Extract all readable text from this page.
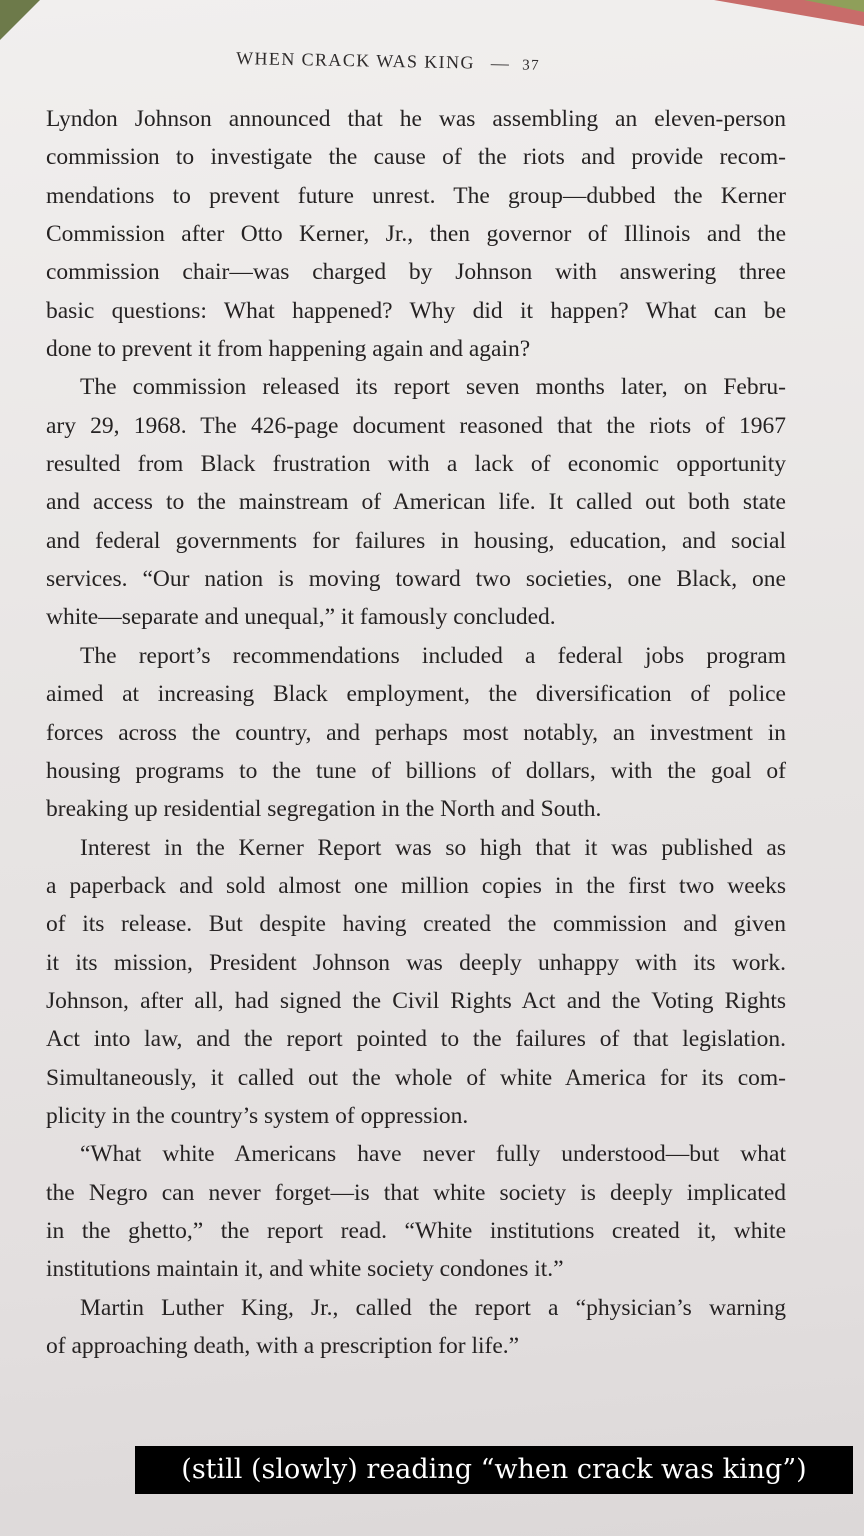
WHEN CRACK WAS KING — 37
Lyndon Johnson announced that he was assembling an eleven-person
commission to investigate the cause of the riots and provide recom-
mendations to prevent future unrest. The group—dubbed the Kerner
Commission after Otto Kerner, Jr., then governor of Illinois and the
commission chair—was charged by Johnson with answering three
basic questions: What happened? Why did it happen? What can be
done to prevent it from happening again and again?
The commission released its report seven months later, on Febru-
ary 29, 1968. The 426-page document reasoned that the riots of 1967
resulted from Black frustration with a lack of economic opportunity
and access to the mainstream of American life. It called out both state
and federal governments for failures in housing, education, and social
services. “Our nation is moving toward two societies, one Black, one
white—separate and unequal,” it famously concluded.
The report’s recommendations included a federal jobs program
aimed at increasing Black employment, the diversification of police
forces across the country, and perhaps most notably, an investment in
housing programs to the tune of billions of dollars, with the goal of
breaking up residential segregation in the North and South.
Interest in the Kerner Report was so high that it was published as
a paperback and sold almost one million copies in the first two weeks
of its release. But despite having created the commission and given
it its mission, President Johnson was deeply unhappy with its work.
Johnson, after all, had signed the Civil Rights Act and the Voting Rights
Act into law, and the report pointed to the failures of that legislation.
Simultaneously, it called out the whole of white America for its com-
plicity in the country’s system of oppression.
“What white Americans have never fully understood—but what
the Negro can never forget—is that white society is deeply implicated
in the ghetto,” the report read. “White institutions created it, white
institutions maintain it, and white society condones it.”
Martin Luther King, Jr., called the report a “physician’s warning
of approaching death, with a prescription for life.”
(still (slowly) reading “when crack was king”)
